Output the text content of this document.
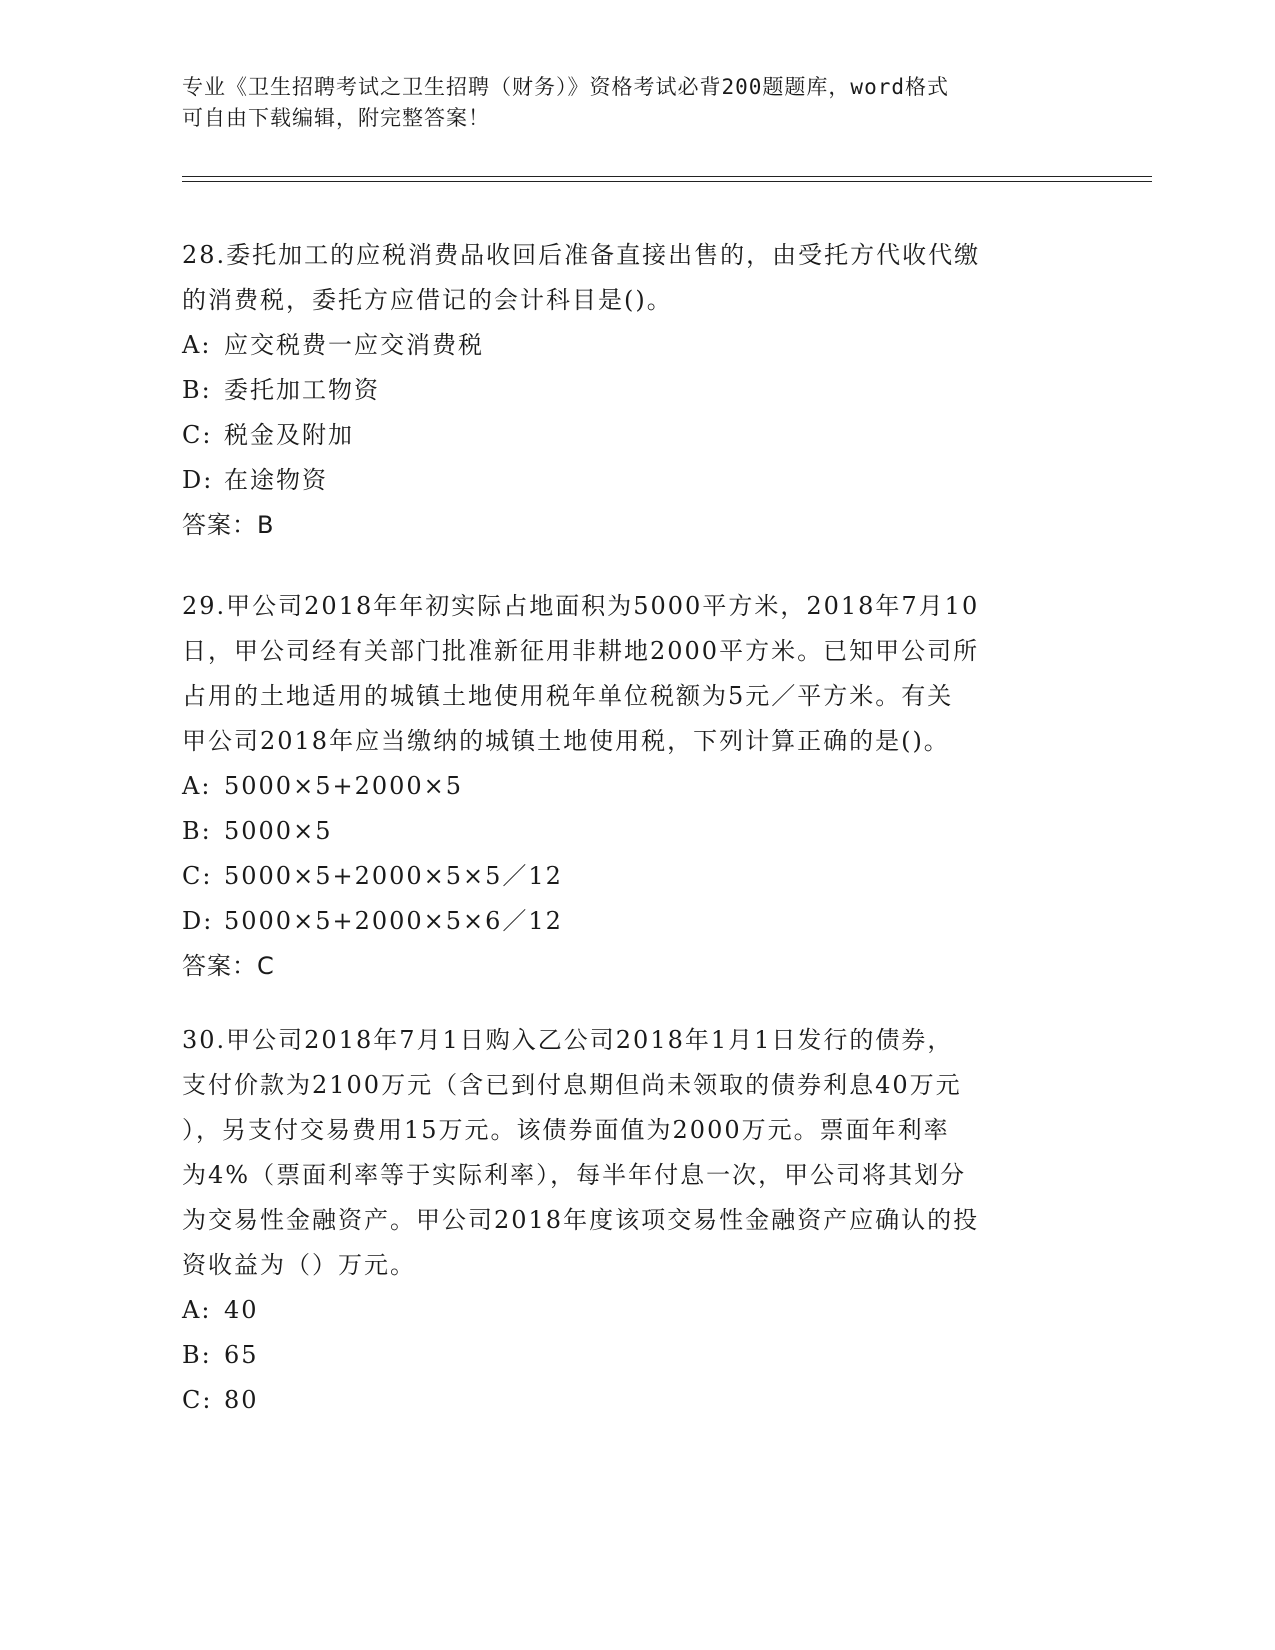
专业《卫生招聘考试之卫生招聘（财务）》资格考试必背200题题库，word格式

可自由下载编辑，附完整答案！

28.委托加工的应税消费品收回后准备直接出售的，由受托方代收代缴

的消费税，委托方应借记的会计科目是()。

A: 应交税费一应交消费税

B: 委托加工物资

C: 税金及附加

D: 在途物资

答案：B

29.甲公司2018年年初实际占地面积为5000平方米，2018年7月10

日，甲公司经有关部门批准新征用非耕地2000平方米。已知甲公司所

占用的土地适用的城镇土地使用税年单位税额为5元／平方米。有关

甲公司2018年应当缴纳的城镇土地使用税，下列计算正确的是()。

A: 5000×5+2000×5

B: 5000×5

C: 5000×5+2000×5×5／12

D: 5000×5+2000×5×6／12

答案：C

30.甲公司2018年7月1日购入乙公司2018年1月1日发行的债券，

支付价款为2100万元（含已到付息期但尚未领取的债券利息40万元

），另支付交易费用15万元。该债券面值为2000万元。票面年利率

为4%（票面利率等于实际利率），每半年付息一次，甲公司将其划分

为交易性金融资产。甲公司2018年度该项交易性金融资产应确认的投

资收益为（）万元。

A: 40

B: 65

C: 80
